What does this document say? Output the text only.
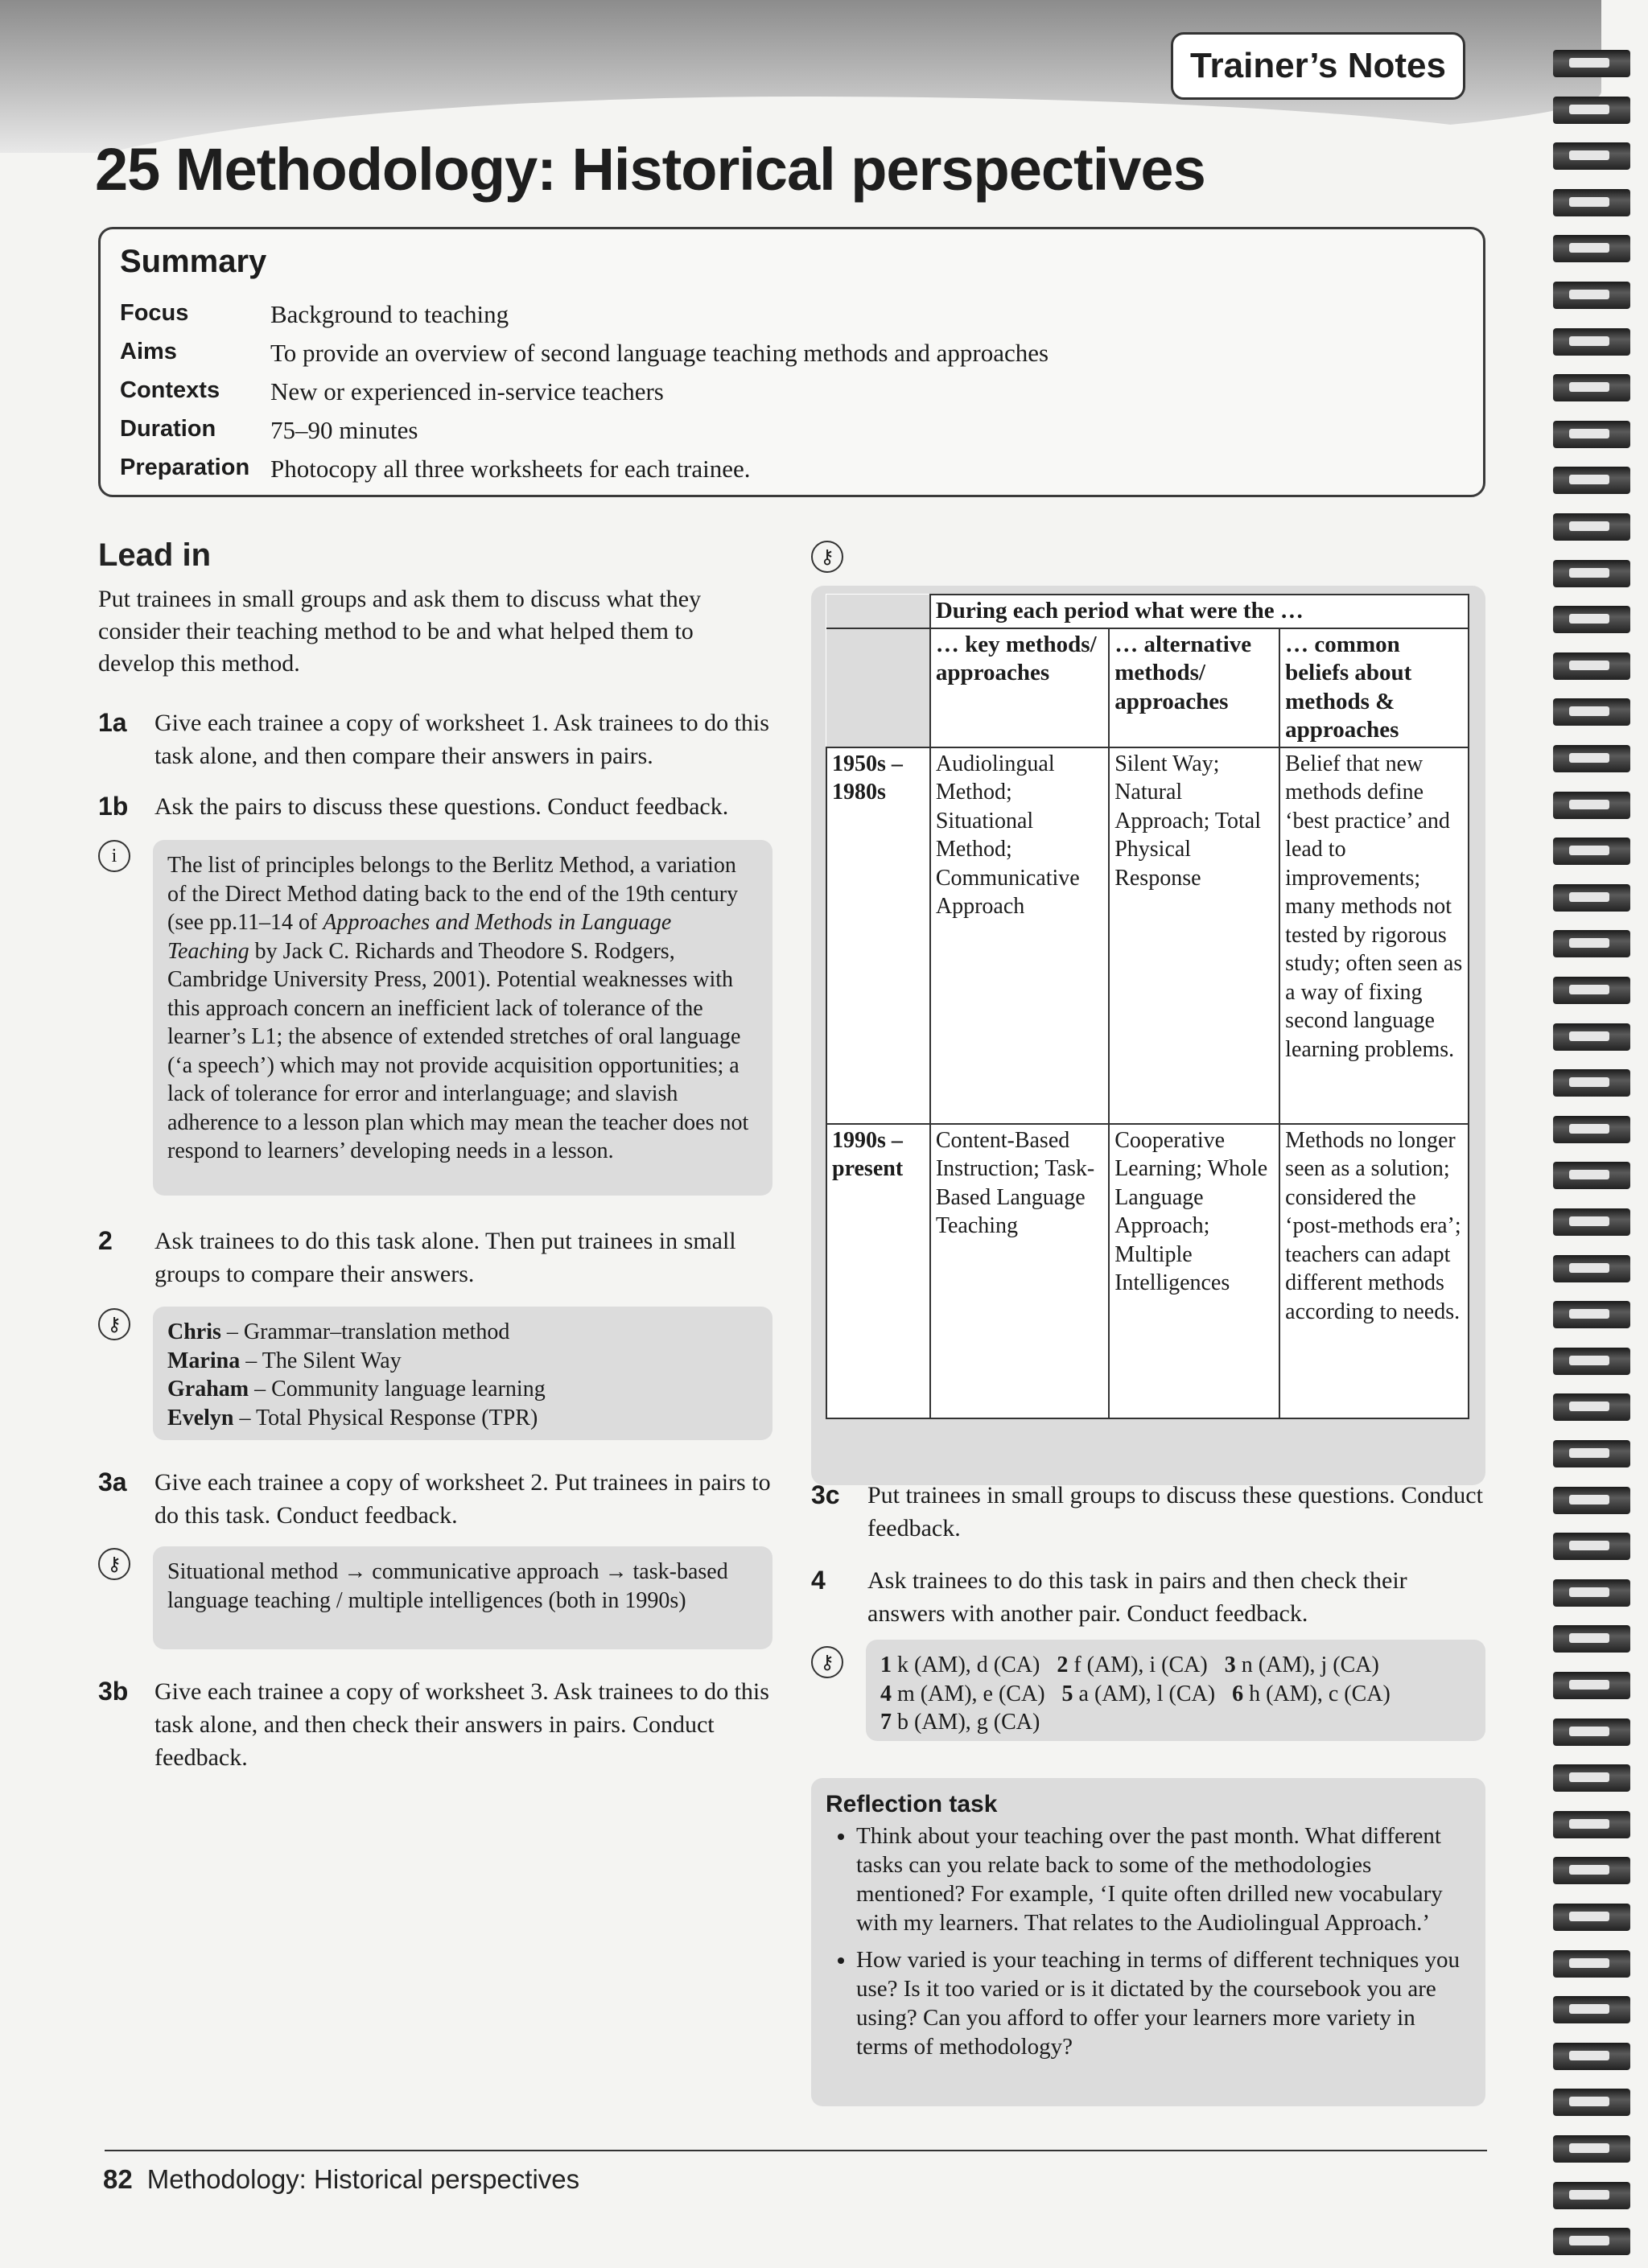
Trainer’s Notes
25 Methodology: Historical perspectives
Summary
Focus	Background to teaching
Aims	To provide an overview of second language teaching methods and approaches
Contexts	New or experienced in-service teachers
Duration	75–90 minutes
Preparation Photocopy all three worksheets for each trainee.
Lead in

Put trainees in small groups and ask them to discuss what they consider their teaching method to be and what helped them to develop this method.

1a	Give each trainee a copy of worksheet 1. Ask trainees to do this task alone, and then compare their answers in pairs.
1b	Ask the pairs to discuss these questions. Conduct feedback.
i	The list of principles belongs to the Berlitz Method, a variation of the Direct Method dating back to the end of the 19th century (see pp.11–14 of Approaches and Methods in Language Teaching by Jack C. Richards and Theodore S. Rodgers, Cambridge University Press, 2001). Potential weaknesses with this approach concern an inefficient lack of tolerance of the learner’s L1; the absence of extended stretches of oral language (‘a speech’) which may not provide acquisition opportunities; a lack of tolerance for error and interlanguage; and slavish adherence to a lesson plan which may mean the teacher does not respond to learners’ developing needs in a lesson.
2	Ask trainees to do this task alone. Then put trainees in small groups to compare their answers.
⚷	Chris – Grammar–translation method
Marina – The Silent Way
Graham – Community language learning
Evelyn – Total Physical Response (TPR)
3a	Give each trainee a copy of worksheet 2. Put trainees in pairs to do this task. Conduct feedback.
⚷	Situational method → communicative approach → task-based language teaching / multiple intelligences (both in 1990s)
3b	Give each trainee a copy of worksheet 3. Ask trainees to do this task alone, and then check their answers in pairs. Conduct feedback.
⚷
	During each period what were the …		
	… key methods/ approaches	… alternative methods/ approaches	… common beliefs about methods & approaches
1950s – 1980s	Audiolingual Method; Situational Method; Communicative Approach	Silent Way; Natural Approach; Total Physical Response	Belief that new methods define ‘best practice’ and lead to improvements; many methods not tested by rigorous study; often seen as a way of fixing second language learning problems.
1990s – present	Content-Based Instruction; Task-Based Language Teaching	Cooperative Learning; Whole Language Approach; Multiple Intelligences	Methods no longer seen as a solution; considered the ‘post-methods era’; teachers can adapt different methods according to needs.
3c	Put trainees in small groups to discuss these questions. Conduct feedback.
4	Ask trainees to do this task in pairs and then check their answers with another pair. Conduct feedback.
⚷	1 k (AM), d (CA) 2 f (AM), i (CA) 3 n (AM), j (CA)
4 m (AM), e (CA) 5 a (AM), l (CA) 6 h (AM), c (CA)
7 b (AM), g (CA)
Reflection task
• Think about your teaching over the past month. What different tasks can you relate back to some of the methodologies mentioned? For example, ‘I quite often drilled new vocabulary with my learners. That relates to the Audiolingual Approach.’
• How varied is your teaching in terms of different techniques you use? Is it too varied or is it dictated by the coursebook you are using? Can you afford to offer your learners more variety in terms of methodology?
82 Methodology: Historical perspectives
